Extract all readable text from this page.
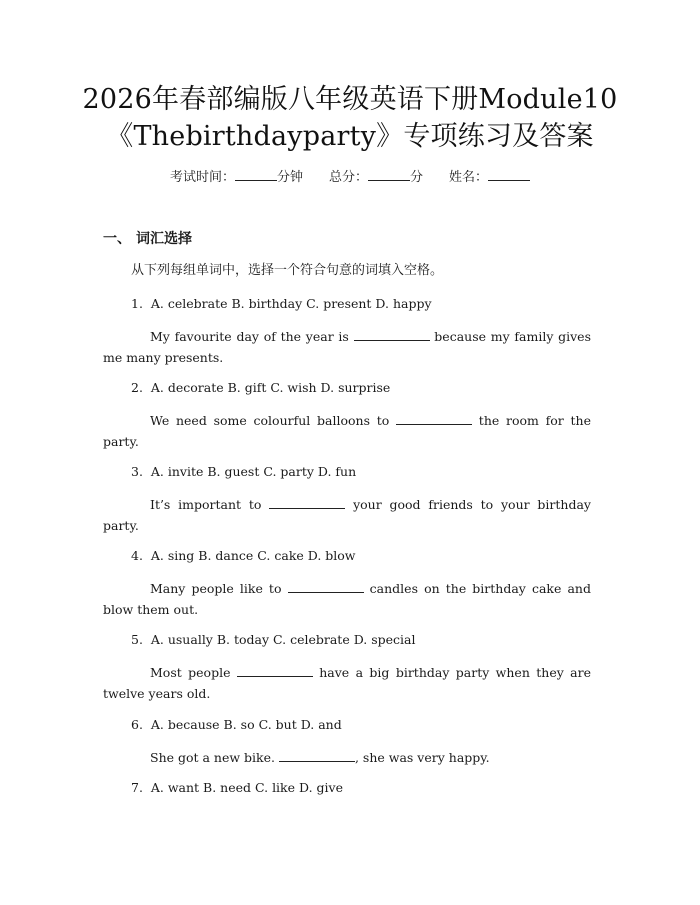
2026年春部编版八年级英语下册Module10
《Thebirthdayparty》专项练习及答案
考试时间：	分钟 总分：	分 姓名：
一、 词汇选择
从下列每组单词中，选择一个符合句意的词填入空格。
1.  A. celebrate B. birthday C. present D. happy
My favourite day of the year is	because my family gives me many presents.
2.  A. decorate B. gift C. wish D. surprise
We need some colourful balloons to	the room for the party.
3.  A. invite B. guest C. party D. fun
It’s important to	your good friends to your birthday party.
4.  A. sing B. dance C. cake D. blow
Many people like to	candles on the birthday cake and blow them out.
5.  A. usually B. today C. celebrate D. special
Most people	have a big birthday party when they are twelve years old.
6.  A. because B. so C. but D. and
She got a new bike.	, she was very happy.
7.  A. want B. need C. like D. give
